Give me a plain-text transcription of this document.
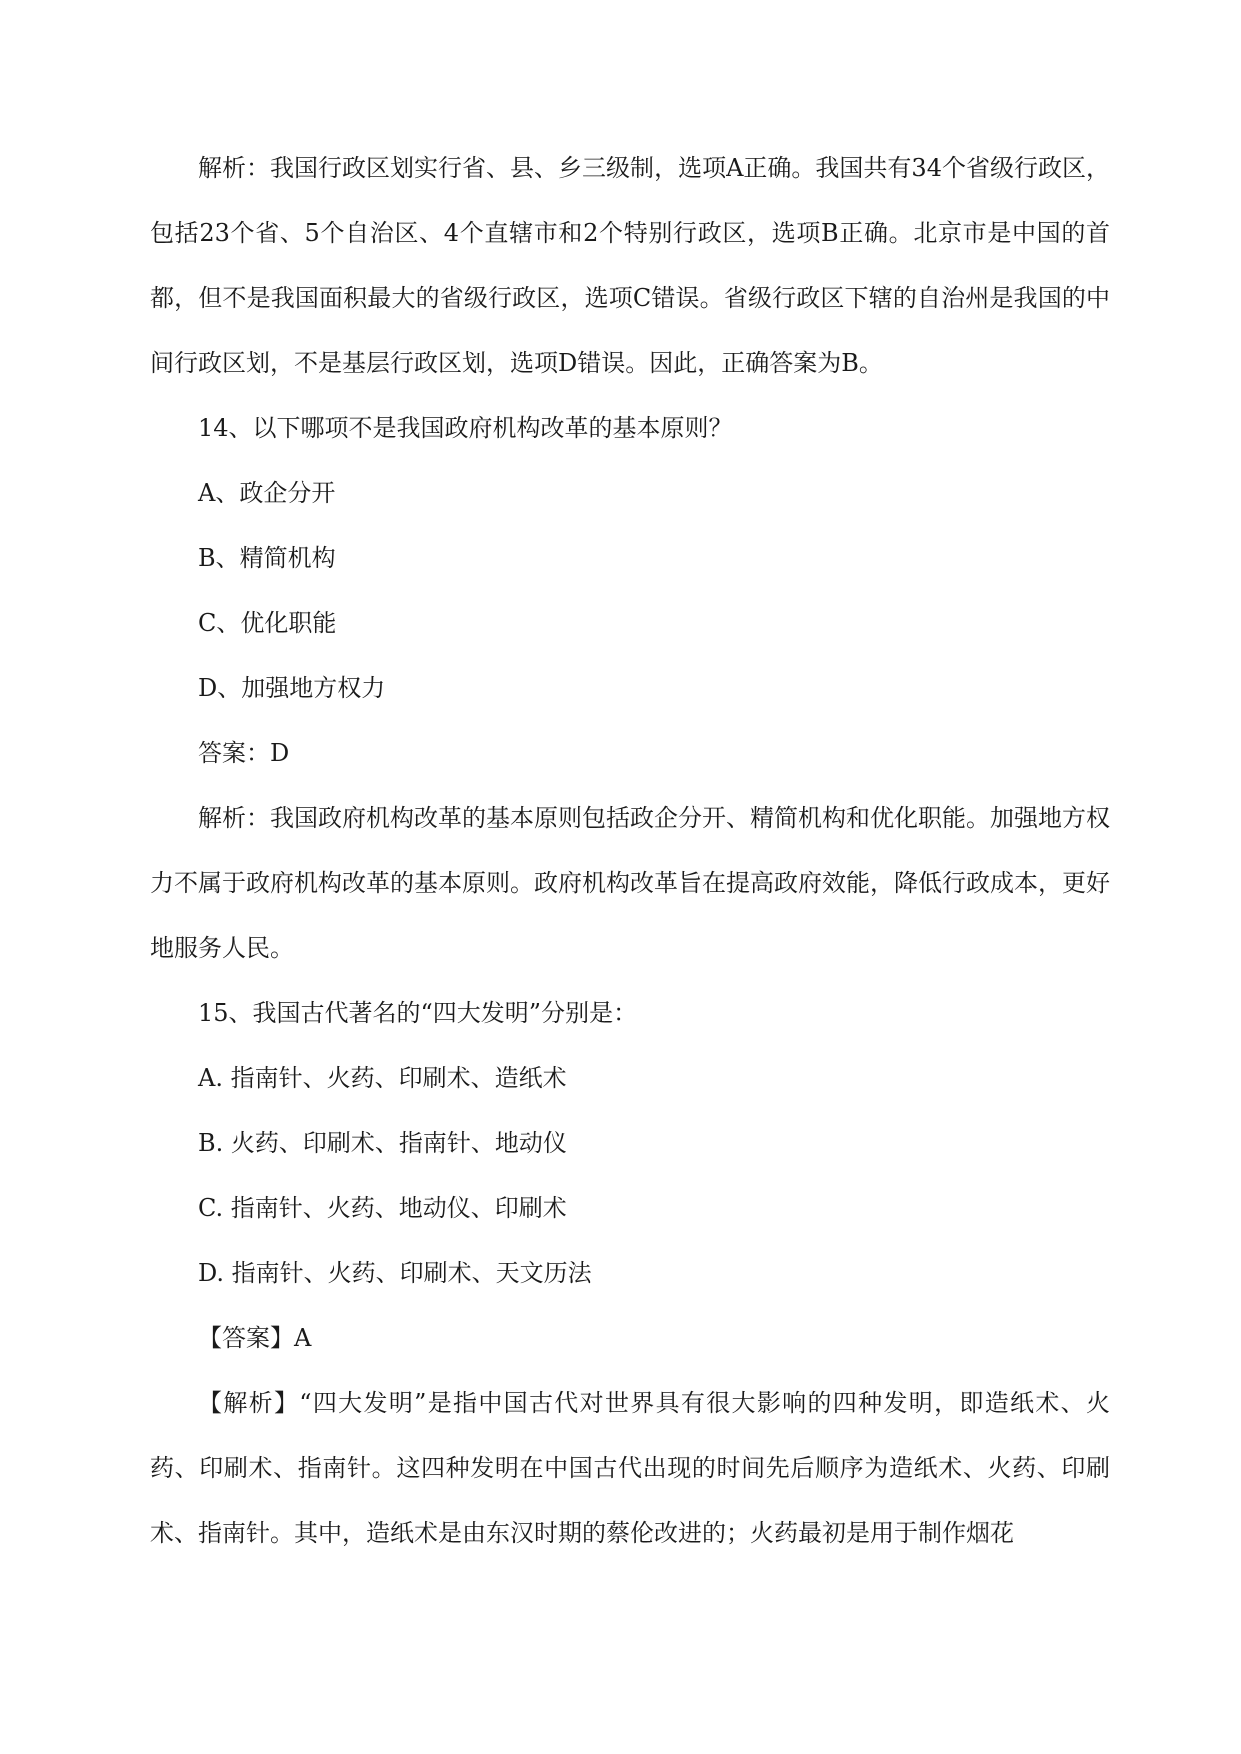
解析：我国行政区划实行省、县、乡三级制，选项A正确。我国共有34个省级行政区，包括23个省、5个自治区、4个直辖市和2个特别行政区，选项B正确。北京市是中国的首都，但不是我国面积最大的省级行政区，选项C错误。省级行政区下辖的自治州是我国的中间行政区划，不是基层行政区划，选项D错误。因此，正确答案为B。

14、以下哪项不是我国政府机构改革的基本原则？

A、政企分开

B、精简机构

C、优化职能

D、加强地方权力

答案：D

解析：我国政府机构改革的基本原则包括政企分开、精简机构和优化职能。加强地方权力不属于政府机构改革的基本原则。政府机构改革旨在提高政府效能，降低行政成本，更好地服务人民。

15、我国古代著名的“四大发明”分别是：

A. 指南针、火药、印刷术、造纸术

B. 火药、印刷术、指南针、地动仪

C. 指南针、火药、地动仪、印刷术

D. 指南针、火药、印刷术、天文历法

【答案】A

【解析】“四大发明”是指中国古代对世界具有很大影响的四种发明，即造纸术、火药、印刷术、指南针。这四种发明在中国古代出现的时间先后顺序为造纸术、火药、印刷术、指南针。其中，造纸术是由东汉时期的蔡伦改进的；火药最初是用于制作烟花
